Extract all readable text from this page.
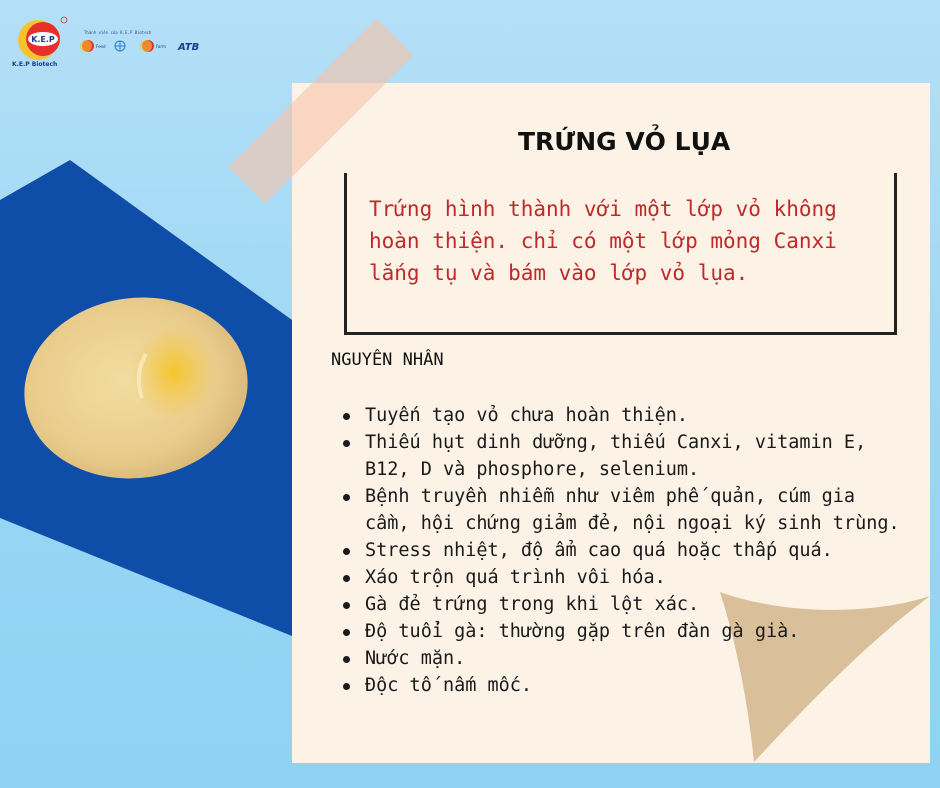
K.E.P
K.E.P Biotech
Thành viên của K.E.P Biotech
Feed	Farm ATB
TRỨNG VỎ LỤA
Trứng hình thành với một lớp vỏ không hoàn thiện. chỉ có một lớp mỏng Canxi lắng tụ và bám vào lớp vỏ lụa.
NGUYÊN NHÂN
Tuyến tạo vỏ chưa hoàn thiện.
Thiếu hụt dinh dưỡng, thiếu Canxi, vitamin E, B12, D và phosphore, selenium.
Bệnh truyền nhiễm như viêm phế quản, cúm gia cầm, hội chứng giảm đẻ, nội ngoại ký sinh trùng.
Stress nhiệt, độ ẩm cao quá hoặc thấp quá.
Xáo trộn quá trình vôi hóa.
Gà đẻ trứng trong khi lột xác.
Độ tuổi gà: thường gặp trên đàn gà già.
Nước mặn.
Độc tố nấm mốc.
